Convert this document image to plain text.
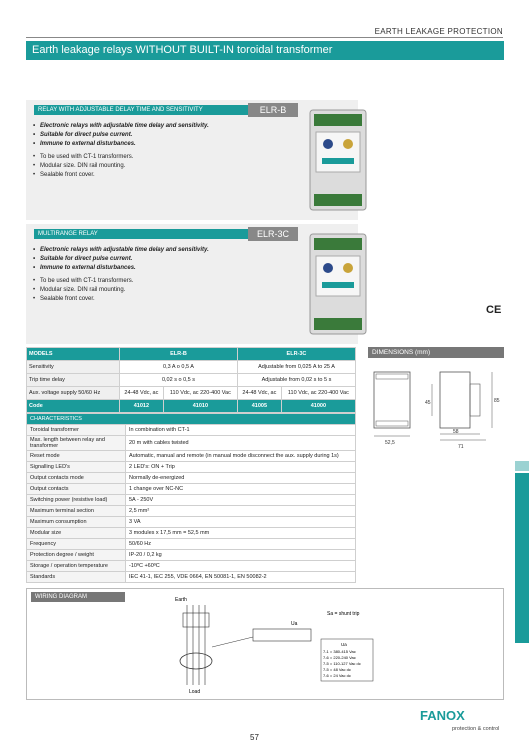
EARTH LEAKAGE PROTECTION
Earth leakage relays WITHOUT BUILT-IN toroidal transformer
RELAY WITH ADJUSTABLE DELAY TIME AND SENSITIVITY	ELR-B
• Electronic relays with adjustable time delay and sensitivity.
• Suitable for direct pulse current.
• Immune to external disturbances.
• To be used with CT-1 transformers.
• Modular size. DIN rail mounting.
• Sealable front cover.
MULTIRANGE RELAY	ELR-3C
• Electronic relays with adjustable time delay and sensitivity.
• Suitable for direct pulse current.
• Immune to external disturbances.
• To be used with CT-1 transformers.
• Modular size. DIN rail mounting.
• Sealable front cover.
CE
MODELS	ELR-B		ELR-3C	
Sensitivity	0,3 A o 0,5 A		Adjustable from 0,025 A to 25 A	
Trip time delay	0,02 s o 0,5 s		Adjustable from 0,02 s to 5 s	
Aux. voltage supply 50/60 Hz	24-48 Vdc, ac	110 Vdc, ac 220-400 Vac	24-48 Vdc, ac	110 Vdc, ac 220-400 Vac
Code	41012	41010	41005	41000
DIMENSIONS (mm)
52,5
58
71
45	85
CHARACTERISTICS	
Toroidal transformer	In combination with CT-1
Max. length between relay and transformer	20 m with cables twisted
Reset mode	Automatic, manual and remote (in manual mode disconnect the aux. supply during 1s)
Signalling LED's	2 LED's: ON + Trip
Output contacts mode	Normally de-energized
Output contacts	1 change over NC-NC
Switching power (resistive load)	5A - 250V
Maximum terminal section	2,5 mm²
Maximum consumption	3 VA
Modular size	3 modules x 17,5 mm = 52,5 mm
Frequency	50/60 Hz
Protection degree / weight	IP-20 / 0,2 kg
Storage / operation temperature	-10ºC +60ºC
Standards	IEC 41-1, IEC 255, VDE 0664, EN 50081-1, EN 50082-2
WIRING DIAGRAM	Earth
Load
Ua
Sa = shunt trip
Ua
7-1 = 380-415 Vac
7-6 = 220-240 Vac
7-5 = 110-127 Vac dc
7-5 = 48 Vac dc
7-6 = 24 Vac dc
57
FANOX
protection & control
